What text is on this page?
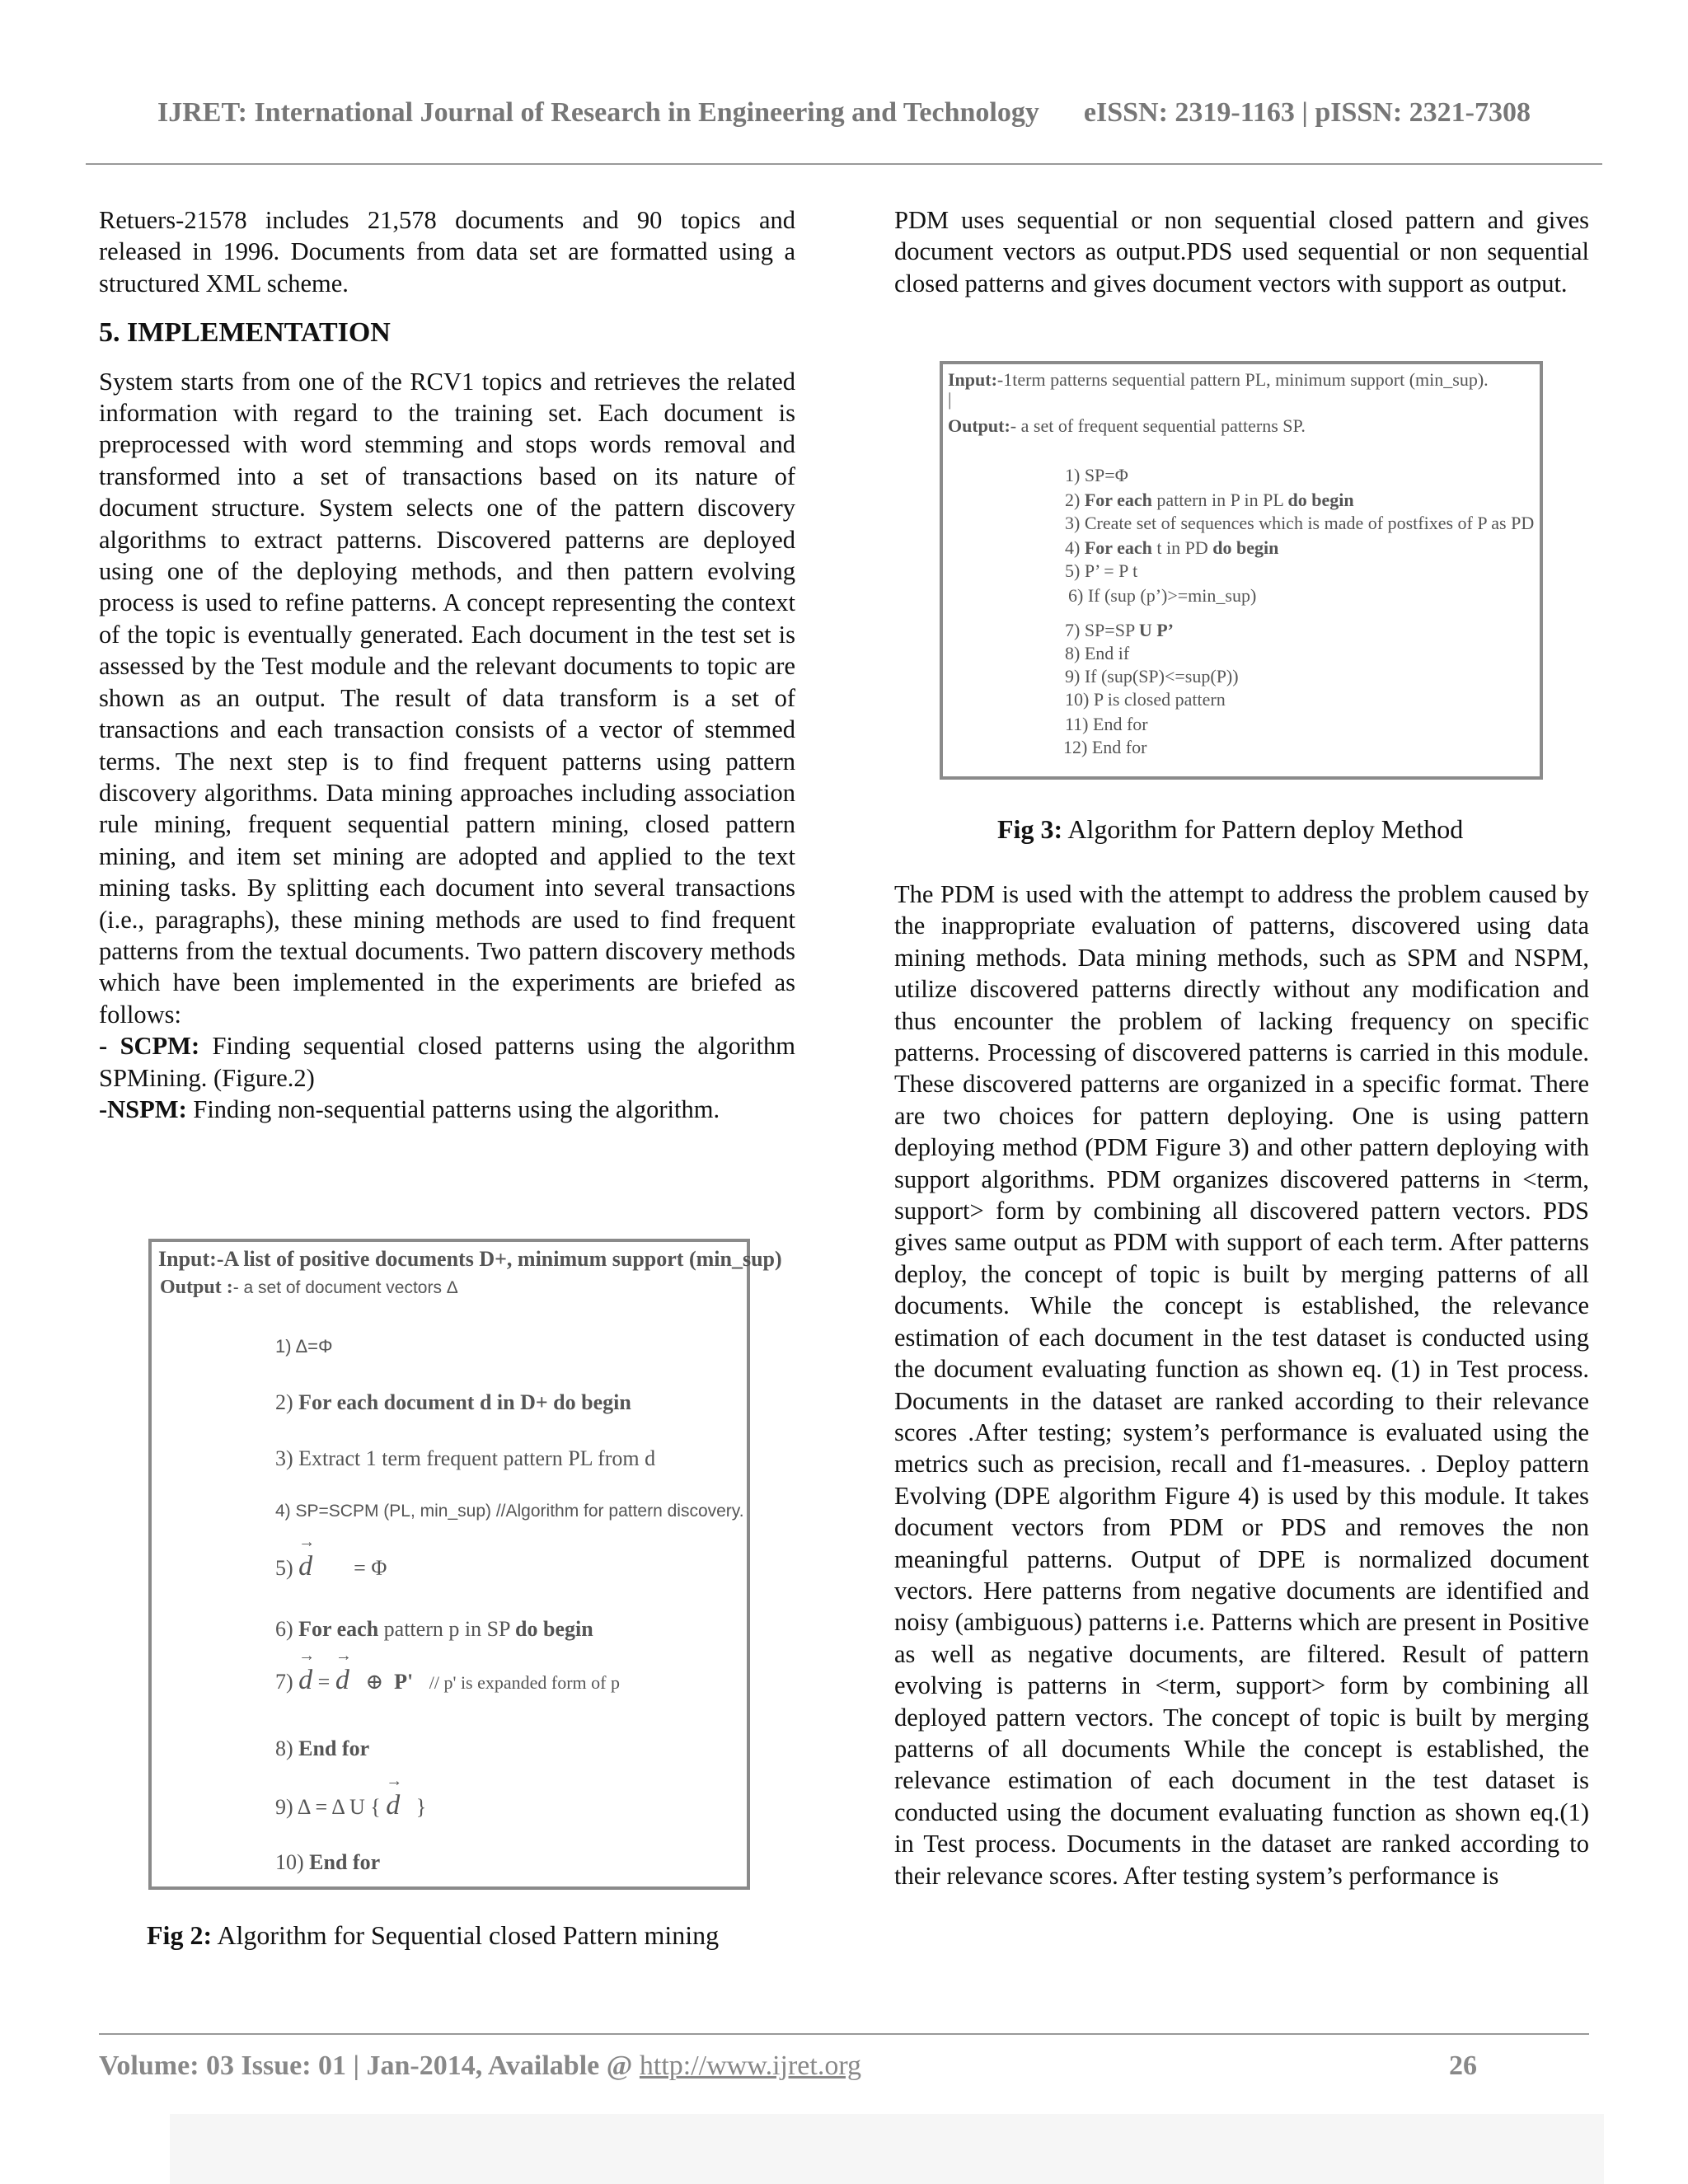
IJRET: International Journal of Research in Engineering and Technology eISSN: 2319-1163 | pISSN: 2321-7308

Retuers-21578 includes 21,578 documents and 90 topics and released in 1996. Documents from data set are formatted using a structured XML scheme.

5. IMPLEMENTATION

System starts from one of the RCV1 topics and retrieves the related information with regard to the training set. Each document is preprocessed with word stemming and stops words removal and transformed into a set of transactions based on its nature of document structure. System selects one of the pattern discovery algorithms to extract patterns. Discovered patterns are deployed using one of the deploying methods, and then pattern evolving process is used to refine patterns. A concept representing the context of the topic is eventually generated. Each document in the test set is assessed by the Test module and the relevant documents to topic are shown as an output. The result of data transform is a set of transactions and each transaction consists of a vector of stemmed terms. The next step is to find frequent patterns using pattern discovery algorithms. Data mining approaches including association rule mining, frequent sequential pattern mining, closed pattern mining, and item set mining are adopted and applied to the text mining tasks. By splitting each document into several transactions (i.e., paragraphs), these mining methods are used to find frequent patterns from the textual documents. Two pattern discovery methods which have been implemented in the experiments are briefed as follows:

- SCPM: Finding sequential closed patterns using the algorithm SPMining. (Figure.2)

-NSPM: Finding non-sequential patterns using the algorithm.

Input:-A list of positive documents D+, minimum support (min_sup)
Output :- a set of document vectors Δ
1) Δ=Φ
2) For each document d in D+ do begin
3) Extract 1 term frequent pattern PL from d
4) SP=SCPM (PL, min_sup) //Algorithm for pattern discovery.
5) → d = Φ
6) For each pattern p in SP do begin
7) → d = → d ⊕ P' // p' is expanded form of p
8) End for
9) Δ = Δ U { → d }
10) End for
Fig 2: Algorithm for Sequential closed Pattern mining

PDM uses sequential or non sequential closed pattern and gives document vectors as output.PDS used sequential or non sequential closed patterns and gives document vectors with support as output.

Input:-1term patterns sequential pattern PL, minimum support (min_sup).
|
Output:- a set of frequent sequential patterns SP.
1) SP=Φ
2) For each pattern in P in PL do begin
3) Create set of sequences which is made of postfixes of P as PD
4) For each t in PD do begin
5) P’ = P t
6) If (sup (p’)>=min_sup)
7) SP=SP U P’
8) End if
9) If (sup(SP)<=sup(P))
10) P is closed pattern
11) End for
12) End for
Fig 3: Algorithm for Pattern deploy Method

The PDM is used with the attempt to address the problem caused by the inappropriate evaluation of patterns, discovered using data mining methods. Data mining methods, such as SPM and NSPM, utilize discovered patterns directly without any modification and thus encounter the problem of lacking frequency on specific patterns. Processing of discovered patterns is carried in this module. These discovered patterns are organized in a specific format. There are two choices for pattern deploying. One is using pattern deploying method (PDM Figure 3) and other pattern deploying with support algorithms. PDM organizes discovered patterns in <term, support> form by combining all discovered pattern vectors. PDS gives same output as PDM with support of each term. After patterns deploy, the concept of topic is built by merging patterns of all documents. While the concept is established, the relevance estimation of each document in the test dataset is conducted using the document evaluating function as shown eq. (1) in Test process. Documents in the dataset are ranked according to their relevance scores .After testing; system’s performance is evaluated using the metrics such as precision, recall and f1-measures. . Deploy pattern Evolving (DPE algorithm Figure 4) is used by this module. It takes document vectors from PDM or PDS and removes the non meaningful patterns. Output of DPE is normalized document vectors. Here patterns from negative documents are identified and noisy (ambiguous) patterns i.e. Patterns which are present in Positive as well as negative documents, are filtered. Result of pattern evolving is patterns in <term, support> form by combining all deployed pattern vectors. The concept of topic is built by merging patterns of all documents While the concept is established, the relevance estimation of each document in the test dataset is conducted using the document evaluating function as shown eq.(1) in Test process. Documents in the dataset are ranked according to their relevance scores. After testing system’s performance is

Volume: 03 Issue: 01 | Jan-2014, Available @ http://www.ijret.org	26
